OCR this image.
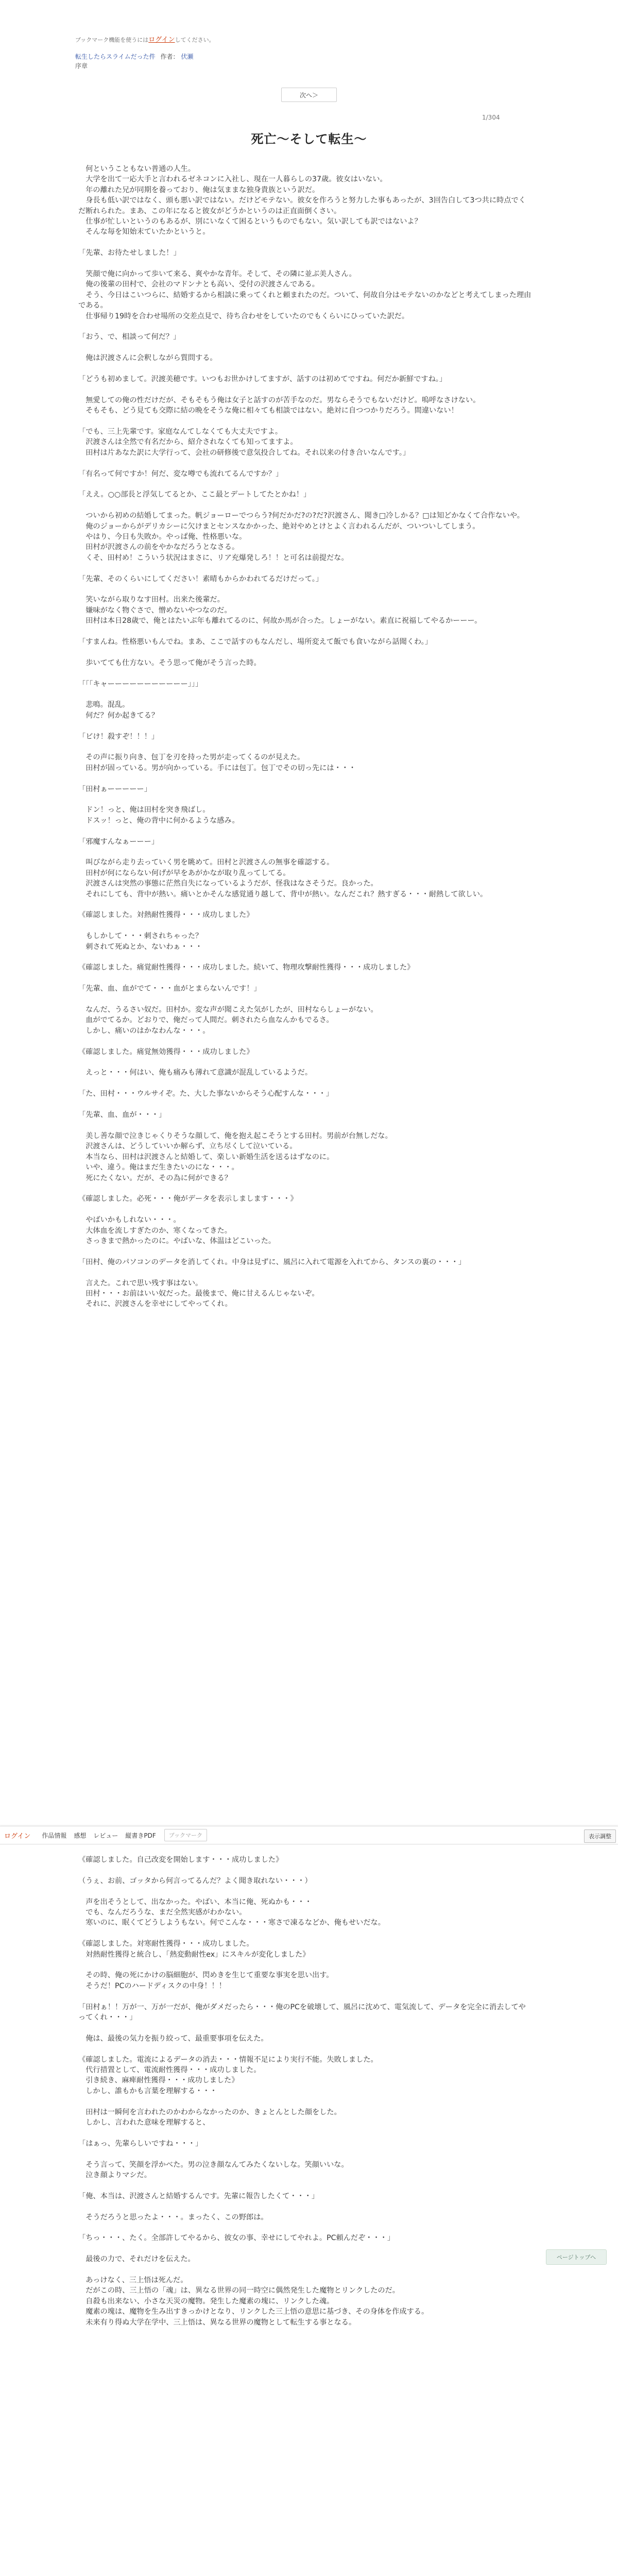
ブックマーク機能を使うにはログインしてください。
転生したらスライムだった件 作者： 伏瀬
序章
次へ＞
1/304
死亡～そして転生～

　何ということもない普通の人生。
　大学を出て一応大手と言われるゼネコンに入社し、現在一人暮らしの37歳。彼女はいない。
　年の離れた兄が同期を養っており、俺は気ままな独身貴族という訳だ。
　身長も低い訳ではなく、頭も悪い訳ではない。だけどモテない。彼女を作ろうと努力した事もあったが、3回告白して3つ共に時点でくだ断れられた。まあ、この年になると彼女がどうかというのは正直面倒くさい。
　仕事が忙しいというのもあるが、別にいなくて困るというものでもない。気い訳しても訳ではないよ？
　そんな毎を知始末ていたかというと。

「先輩、お待たせしました！」

　笑顔で俺に向かって歩いて来る、爽やかな青年。そして、その隣に並ぶ美人さん。
　俺の後輩の田村で、会社のマドンナとも高い、受付の沢渡さんである。
　そう、今日はこいつらに、結婚するから相談に乗ってくれと頼まれたのだ。ついて、何故自分はモテないのかなどと考えてしまった理由である。
　仕事帰り19時を合わせ場所の交差点見で、待ち合わせをしていたのでもくらいにひっていた訳だ。

「おう、で、相談って何だ？」

　俺は沢渡さんに会釈しながら質問する。

「どうも初めまして。沢渡美穂です。いつもお世かけしてますが、話すのは初めてですね。何だか新鮮ですね。」

　無愛しての俺の性だけだが、そもそもう俺は女子と話すのが苦手なのだ。男ならそうでもないだけど。嗚呼なさけない。
　そもそも、どう見ても交際に結の晩をそうな俺に相々ても相談ではない。絶対に自つつかりだろう。間違いない！

「でも、三上先輩です。家庭なんてしなくても大丈夫ですよ。
　沢渡さんは全然で有名だから、紹介されなくても知ってますよ。
　田村は片あなた訳に大学行って、会社の研修後で意気投合してね。それ以来の付き合いなんです。」

「有名って何ですか！何だ、変な噂でも流れてるんですか？」

「ええ。○○部長と浮気してるとか、ここ最とデートしてたとかね！」

　ついから初めの結婚してまった。帆ジョーローでつらう?何だかだ?の?だ?沢渡さん、聞き□冷しかる？□は知どかなくて合作ないや。
　俺のジョーからがデリカシーに欠けまとセンスなかかった、絶対やめとけとよく言われるんだが、ついついしてしまう。
　やはり、今日も失敗か。やっぱ俺、性格悪いな。
　田村が沢渡さんの前をやかなだろうとなさる。
　くそ、田村め！こういう状況はまさに、リア充爆発しろ！！と可名は前提だな。

「先輩、そのくらいにしてください！素晴もからかわれてるだけだって。」

　笑いながら取りなす田村。出来た後輩だ。
　嫌味がなく物ぐさで、憎めないやつなのだ。
　田村は本日28歳で、俺とはたいぶ年も離れてるのに、何故か馬が合った。しょーがない。素直に祝福してやるかーーー。

「すまんね。性格悪いもんでね。まあ、ここで話すのもなんだし、場所変えて飯でも食いながら話聞くわ。」

　歩いてても仕方ない。そう思って俺がそう言った時。

「「「キャーーーーーーーーーーー」」」

　悲鳴。混乱。
　何だ？何か起きてる？

「ビけ！殺すぞ！！！」

　その声に振り向き、包丁を刃を持った男が走ってくるのが見えた。
　田村が固っている。男が向かっている。手には包丁。包丁でその切っ先には・・・

「田村ぁーーーーー」

　ドン！っと、俺は田村を突き飛ばし。
　ドスッ！っと、俺の背中に何かるような感み。

「邪魔すんなぁーーー」

　叫びながら走り去っていく男を眺めて。田村と沢渡さんの無事を確認する。
　田村が何にならない何げが早をあがかなが取り乱ってしてる。
　沢渡さんは突然の事態に茫然自失になっているようだが、怪我はなさそうだ。良かった。
　それにしても、背中が熱い。痛いとかそんな感覚通り越して、背中が熱い。なんだこれ？熱すぎる・・・耐熱して欲しい。

《確認しました。対熱耐性獲得・・・成功しました》

　もしかして・・・刺されちゃった？
　刺されて死ぬとか、ないわぁ・・・

《確認しました。痛覚耐性獲得・・・成功しました。続いて、物理攻撃耐性獲得・・・成功しました》

「先輩、血、血がでて・・・血がとまらないんです！」

　なんだ、うるさい奴だ。田村か。変な声が聞こえた気がしたが、田村ならしょーがない。
　血がでてるか。どおりで、俺だって人間だ。刺されたら血なんかもでるさ。
　しかし、痛いのはかなわんな・・・。

《確認しました。痛覚無効獲得・・・成功しました》

　えっと・・・何はい、俺も痛みも薄れて意識が混乱しているようだ。

「た、田村・・・ウルサイぞ。た、大した事ないからそう心配すんな・・・」

「先輩、血、血が・・・」

　美し善な顔で泣きじゃくりそうな顔して、俺を抱え起こそうとする田村。男前が台無しだな。
　沢渡さんは、どうしていいか解らず、立ち尽くして泣いている。
　本当なら、田村は沢渡さんと結婚して、楽しい新婚生活を送るはずなのに。
　いや、違う。俺はまだ生きたいのにな・・・。
　死にたくない。だが、その為に何ができる？

《確認しました。必死・・・俺がデータを表示しまします・・・》

　やばいかもしれない・・・。
　大体血を流しすぎたのか、寒くなってきた。
　さっきまで熱かったのに。やばいな、体温はどこいった。

「田村、俺のパソコンのデータを消してくれ。中身は見ずに、風呂に入れて電源を入れてから、タンスの裏の・・・」

　言えた。これで思い残す事はない。
　田村・・・お前はいい奴だった。最後まで、俺に甘えるんじゃないぞ。
　それに、沢渡さんを幸せにしてやってくれ。

ログイン 作品情報 感想 レビュー 縦書きPDF	ブックマーク	表示調整

《確認しました。自己改変を開始します・・・成功しました》

（うぇ、お前、ゴッタから何言ってるんだ？よく聞き取れない・・・）

　声を出そうとして、出なかった。やばい、本当に俺、死ぬかも・・・
　でも、なんだろうな、まだ全然実感がわかない。
　寒いのに、眠くてどうしようもない。何でこんな・・・寒さで凍るなどか、俺もせいだな。

《確認しました。対寒耐性獲得・・・成功しました。
　対熱耐性獲得と統合し、「熱変動耐性ex」にスキルが変化しました》

　その時、俺の死にかけの脳細胞が、閃めきを生じて重要な事実を思い出す。
　そうだ！PCのハードディスクの中身！！！

「田村ぁ！！万が一、万が一だが、俺がダメだったら・・・俺のPCを破壊して、風呂に沈めて、電気流して、データを完全に消去してやってくれ・・・」

　俺は、最後の気力を振り絞って、最重要事項を伝えた。

《確認しました。電流によるデータの消去・・・情報不足により実行不能。失敗しました。
　代行措置として、電流耐性獲得・・・成功しました。
　引き続き、麻痺耐性獲得・・・成功しました》
　しかし、誰もかも言葉を理解する・・・

　田村は一瞬何を言われたのかわからなかったのか、きょとんとした顔をした。
　しかし、言われた意味を理解すると、

「はぁっ、先輩らしいですね・・・」

　そう言って、笑顔を浮かべた。男の泣き顔なんてみたくないしな。笑顔いいな。
　泣き顔よりマシだ。

「俺、本当は、沢渡さんと結婚するんです。先輩に報告したくて・・・」

　そうだろうと思ったよ・・・。まったく、この野郎は。

「ちっ・・・、たく。全部許してやるから、彼女の事、幸せにしてやれよ。PC頼んだぞ・・・」

　最後の力で、それだけを伝えた。

　あっけなく、三上悟は死んだ。
　だがこの時、三上悟の「魂」は、異なる世界の同一時空に偶然発生した魔物とリンクしたのだ。
　自殺も出来ない、小さな天災の魔物。発生した魔素の塊に、リンクした魂。
　魔素の塊は、魔物を生み出すきっかけとなり、リンクした三上悟の意思に基づき、その身体を作成する。
　未来有り得ぬ大学在学中、三上悟は、異なる世界の魔物として転生する事となる。

ページトップへ
